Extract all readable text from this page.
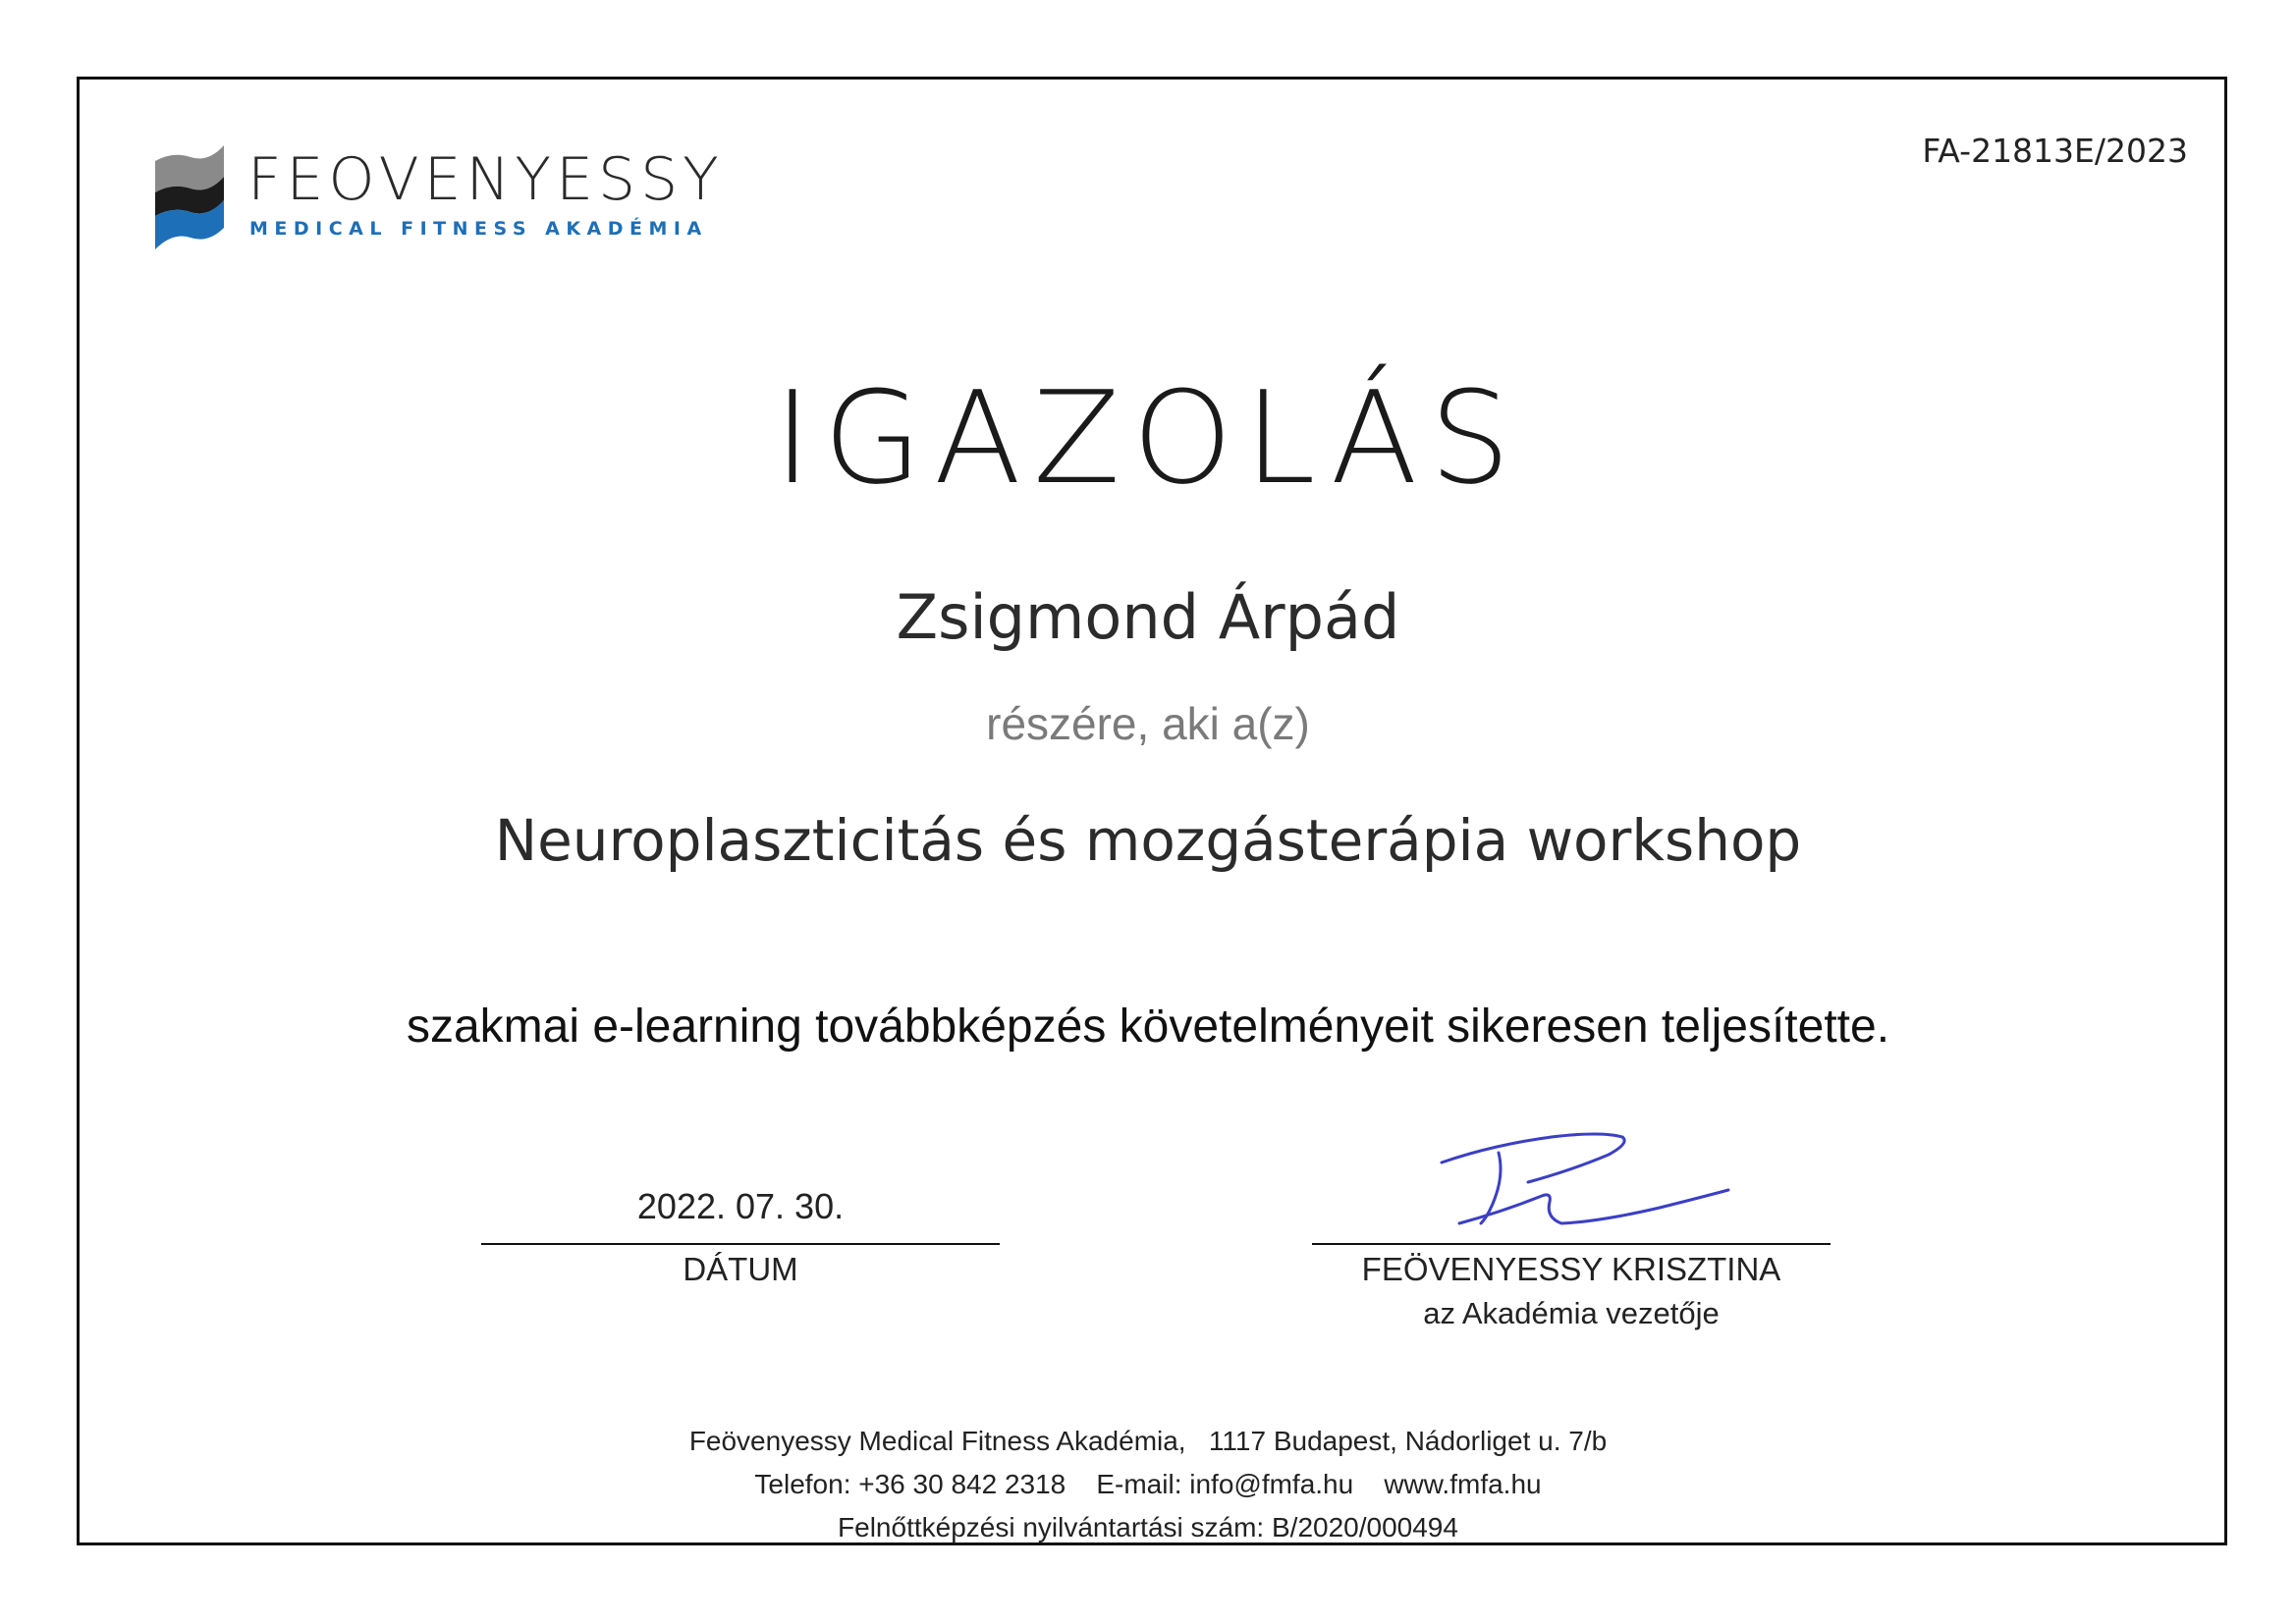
FEOVENYESSY
MEDICAL FITNESS AKADÉMIA
FA-21813E/2023
IGAZOLÁS
Zsigmond Árpád
részére, aki a(z)
Neuroplaszticitás és mozgásterápia workshop
szakmai e-learning továbbképzés követelményeit sikeresen teljesítette.
2022. 07. 30.
DÁTUM	FEÖVENYESSY KRISZTINA
az Akadémia vezetője
Feövenyessy Medical Fitness Akadémia,   1117 Budapest, Nádorliget u. 7/b
Telefon: +36 30 842 2318    E-mail: info@fmfa.hu    www.fmfa.hu
Felnőttképzési nyilvántartási szám: B/2020/000494
